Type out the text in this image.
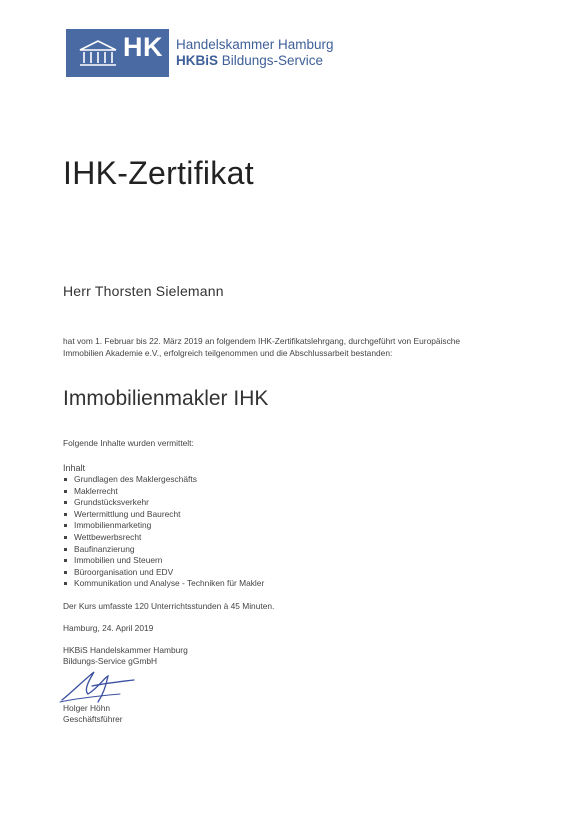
HK Handelskammer Hamburg
HKBiS Bildungs-Service
IHK-Zertifikat
Herr Thorsten Sielemann
hat vom 1. Februar bis 22. März 2019 an folgendem IHK-Zertifikatslehrgang, durchgeführt von Europäische
Immobilien Akademie e.V., erfolgreich teilgenommen und die Abschlussarbeit bestanden:
Immobilienmakler IHK
Folgende Inhalte wurden vermittelt:
Inhalt
Grundlagen des Maklergeschäfts
Maklerrecht
Grundstücksverkehr
Wertermittlung und Baurecht
Immobilienmarketing
Wettbewerbsrecht
Baufinanzierung
Immobilien und Steuern
Büroorganisation und EDV
Kommunikation und Analyse - Techniken für Makler
Der Kurs umfasste 120 Unterrichtsstunden à 45 Minuten.
Hamburg, 24. April 2019
HKBiS Handelskammer Hamburg
Bildungs-Service gGmbH
Holger Höhn
Geschäftsführer
